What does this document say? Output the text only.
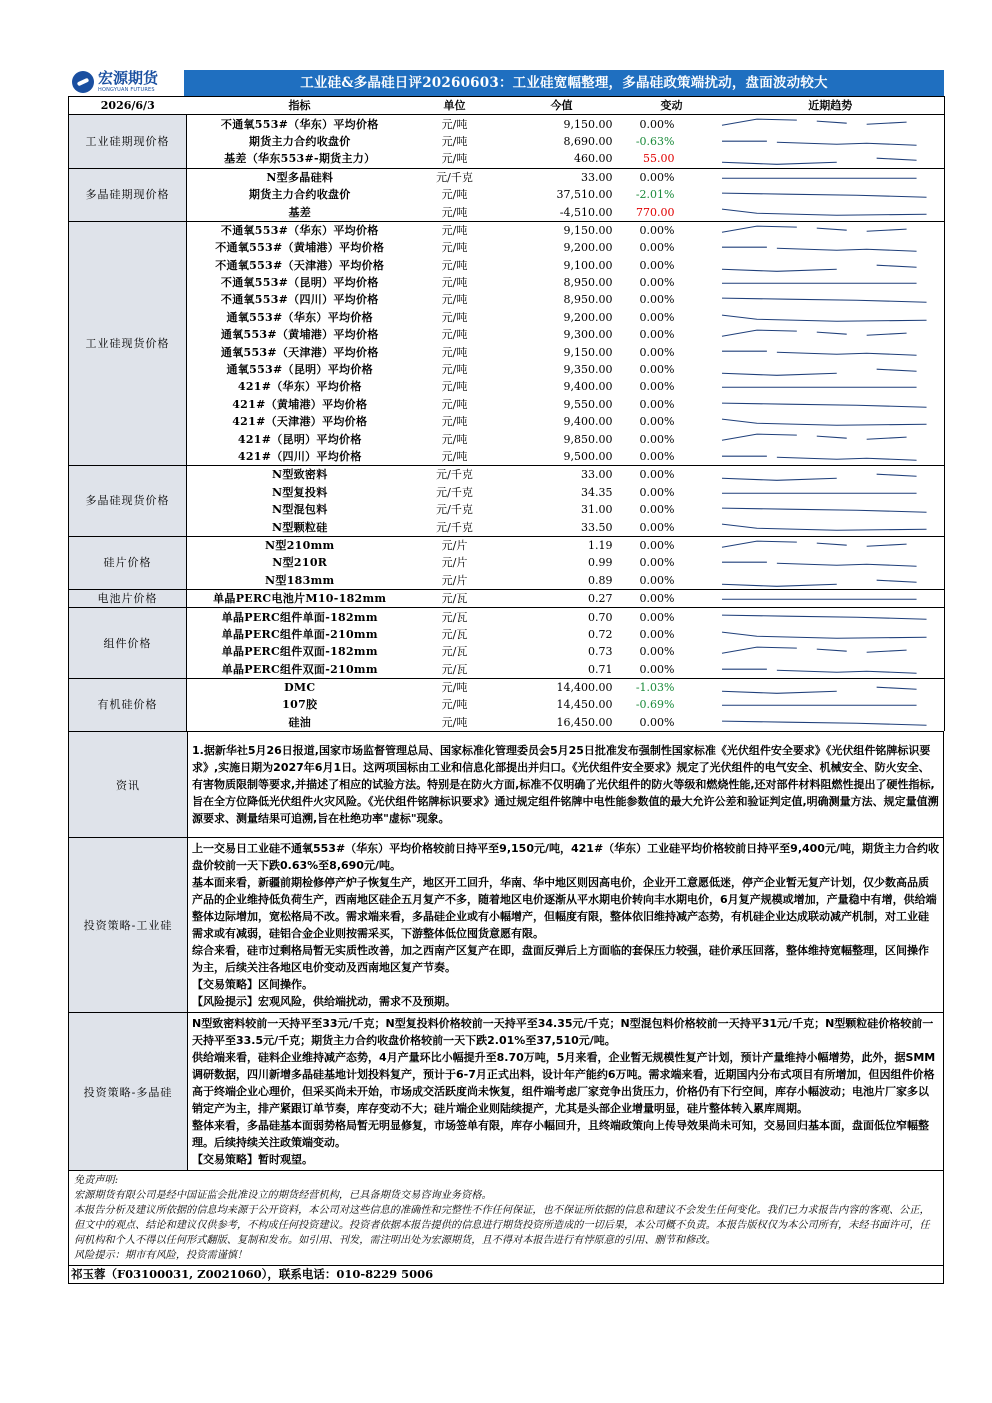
宏源期货
HONGYUAN FUTURES	工业硅&多晶硅日评20260603：工业硅宽幅整理，多晶硅政策端扰动，盘面波动较大
2026/6/3	指标	单位	今值	变动	近期趋势
工业硅期现价格	不通氧553#（华东）平均价格	元/吨	9,150.00	0.00%	

	期货主力合约收盘价	元/吨	8,690.00	-0.63%	

	基差（华东553#-期货主力）	元/吨	460.00	55.00	

多晶硅期现价格	N型多晶硅料	元/千克	33.00	0.00%	

	期货主力合约收盘价	元/吨	37,510.00	-2.01%	

	基差	元/吨	-4,510.00	770.00	

工业硅现货价格	不通氧553#（华东）平均价格	元/吨	9,150.00	0.00%	

	不通氧553#（黄埔港）平均价格	元/吨	9,200.00	0.00%	

	不通氧553#（天津港）平均价格	元/吨	9,100.00	0.00%	

	不通氧553#（昆明）平均价格	元/吨	8,950.00	0.00%	

	不通氧553#（四川）平均价格	元/吨	8,950.00	0.00%	

	通氧553#（华东）平均价格	元/吨	9,200.00	0.00%	

	通氧553#（黄埔港）平均价格	元/吨	9,300.00	0.00%	

	通氧553#（天津港）平均价格	元/吨	9,150.00	0.00%	

	通氧553#（昆明）平均价格	元/吨	9,350.00	0.00%	

	421#（华东）平均价格	元/吨	9,400.00	0.00%	

	421#（黄埔港）平均价格	元/吨	9,550.00	0.00%	

	421#（天津港）平均价格	元/吨	9,400.00	0.00%	

	421#（昆明）平均价格	元/吨	9,850.00	0.00%	

	421#（四川）平均价格	元/吨	9,500.00	0.00%	

多晶硅现货价格	N型致密料	元/千克	33.00	0.00%	

	N型复投料	元/千克	34.35	0.00%	

	N型混包料	元/千克	31.00	0.00%	

	N型颗粒硅	元/千克	33.50	0.00%	

硅片价格	N型210mm	元/片	1.19	0.00%	

	N型210R	元/片	0.99	0.00%	

	N型183mm	元/片	0.89	0.00%	

电池片价格	单晶PERC电池片M10-182mm	元/瓦	0.27	0.00%	

组件价格	单晶PERC组件单面-182mm	元/瓦	0.70	0.00%	

	单晶PERC组件单面-210mm	元/瓦	0.72	0.00%	

	单晶PERC组件双面-182mm	元/瓦	0.73	0.00%	

	单晶PERC组件双面-210mm	元/瓦	0.71	0.00%	

有机硅价格	DMC	元/吨	14,400.00	-1.03%	

	107胶	元/吨	14,450.00	-0.69%	

	硅油	元/吨	16,450.00	0.00%	

资讯

1.据新华社5月26日报道,国家市场监督管理总局、国家标准化管理委员会5月25日批准发布强制性国家标准《光伏组件安全要求》《光伏组件铭牌标识要求》,实施日期为2027年6月1日。这两项国标由工业和信息化部提出并归口。《光伏组件安全要求》规定了光伏组件的电气安全、机械安全、防火安全、有害物质限制等要求,并描述了相应的试验方法。特别是在防火方面,标准不仅明确了光伏组件的防火等级和燃烧性能,还对部件材料阻燃性提出了硬性指标,旨在全方位降低光伏组件火灾风险。《光伏组件铭牌标识要求》通过规定组件铭牌中电性能参数值的最大允许公差和验证判定值,明确测量方法、规定量值溯源要求、测量结果可追溯,旨在杜绝功率"虚标"现象。

投资策略-工业硅

上一交易日工业硅不通氧553#（华东）平均价格较前日持平至9,150元/吨，421#（华东）工业硅平均价格较前日持平至9,400元/吨，期货主力合约收盘价较前一天下跌0.63%至8,690元/吨。

基本面来看，新疆前期检修停产炉子恢复生产，地区开工回升，华南、华中地区则因高电价，企业开工意愿低迷，停产企业暂无复产计划，仅少数高品质产品的企业维持低负荷生产，西南地区硅企五月复产不多，随着地区电价逐渐从平水期电价转向丰水期电价，6月复产规模或增加，产量稳中有增，供给端整体边际增加，宽松格局不改。需求端来看，多晶硅企业或有小幅增产，但幅度有限，整体依旧维持减产态势，有机硅企业达成联动减产机制，对工业硅需求或有减弱，硅铝合金企业则按需采买，下游整体低位囤货意愿有限。

综合来看，硅市过剩格局暂无实质性改善，加之西南产区复产在即，盘面反弹后上方面临的套保压力较强，硅价承压回落，整体维持宽幅整理，区间操作为主，后续关注各地区电价变动及西南地区复产节奏。

【交易策略】区间操作。

【风险提示】宏观风险，供给端扰动，需求不及预期。

投资策略-多晶硅

N型致密料较前一天持平至33元/千克；N型复投料价格较前一天持平至34.35元/千克；N型混包料价格较前一天持平31元/千克；N型颗粒硅价格较前一天持平至33.5元/千克；期货主力合约收盘价格较前一天下跌2.01%至37,510元/吨。

供给端来看，硅料企业维持减产态势，4月产量环比小幅提升至8.70万吨，5月来看，企业暂无规模性复产计划，预计产量维持小幅增势，此外，据SMM调研数据，四川新增多晶硅基地计划投料复产，预计于6-7月正式出料，设计年产能约6万吨。需求端来看，近期国内分布式项目有所增加，但因组件价格高于终端企业心理价，但采买尚未开始，市场成交活跃度尚未恢复，组件端考虑厂家竞争出货压力，价格仍有下行空间，库存小幅波动；电池片厂家多以销定产为主，排产紧跟订单节奏，库存变动不大；硅片端企业则陆续提产，尤其是头部企业增量明显，硅片整体转入累库周期。

整体来看，多晶硅基本面弱势格局暂无明显修复，市场签单有限，库存小幅回升，且终端政策向上传导效果尚未可知，交易回归基本面，盘面低位窄幅整理。后续持续关注政策端变动。

【交易策略】暂时观望。

免责声明:

宏源期货有限公司是经中国证监会批准设立的期货经营机构，已具备期货交易咨询业务资格。

本报告分析及建议所依据的信息均来源于公开资料，本公司对这些信息的准确性和完整性不作任何保证，也不保证所依据的信息和建议不会发生任何变化。我们已力求报告内容的客观、公正，但文中的观点、结论和建议仅供参考，不构成任何投资建议。投资者依据本报告提供的信息进行期货投资所造成的一切后果，本公司概不负责。本报告版权仅为本公司所有，未经书面许可，任何机构和个人不得以任何形式翻版、复制和发布。如引用、刊发，需注明出处为宏源期货，且不得对本报告进行有悖原意的引用、删节和修改。

风险提示：期市有风险，投资需谨慎！

祁玉蓉（F03100031, Z0021060），联系电话：010-8229 5006
